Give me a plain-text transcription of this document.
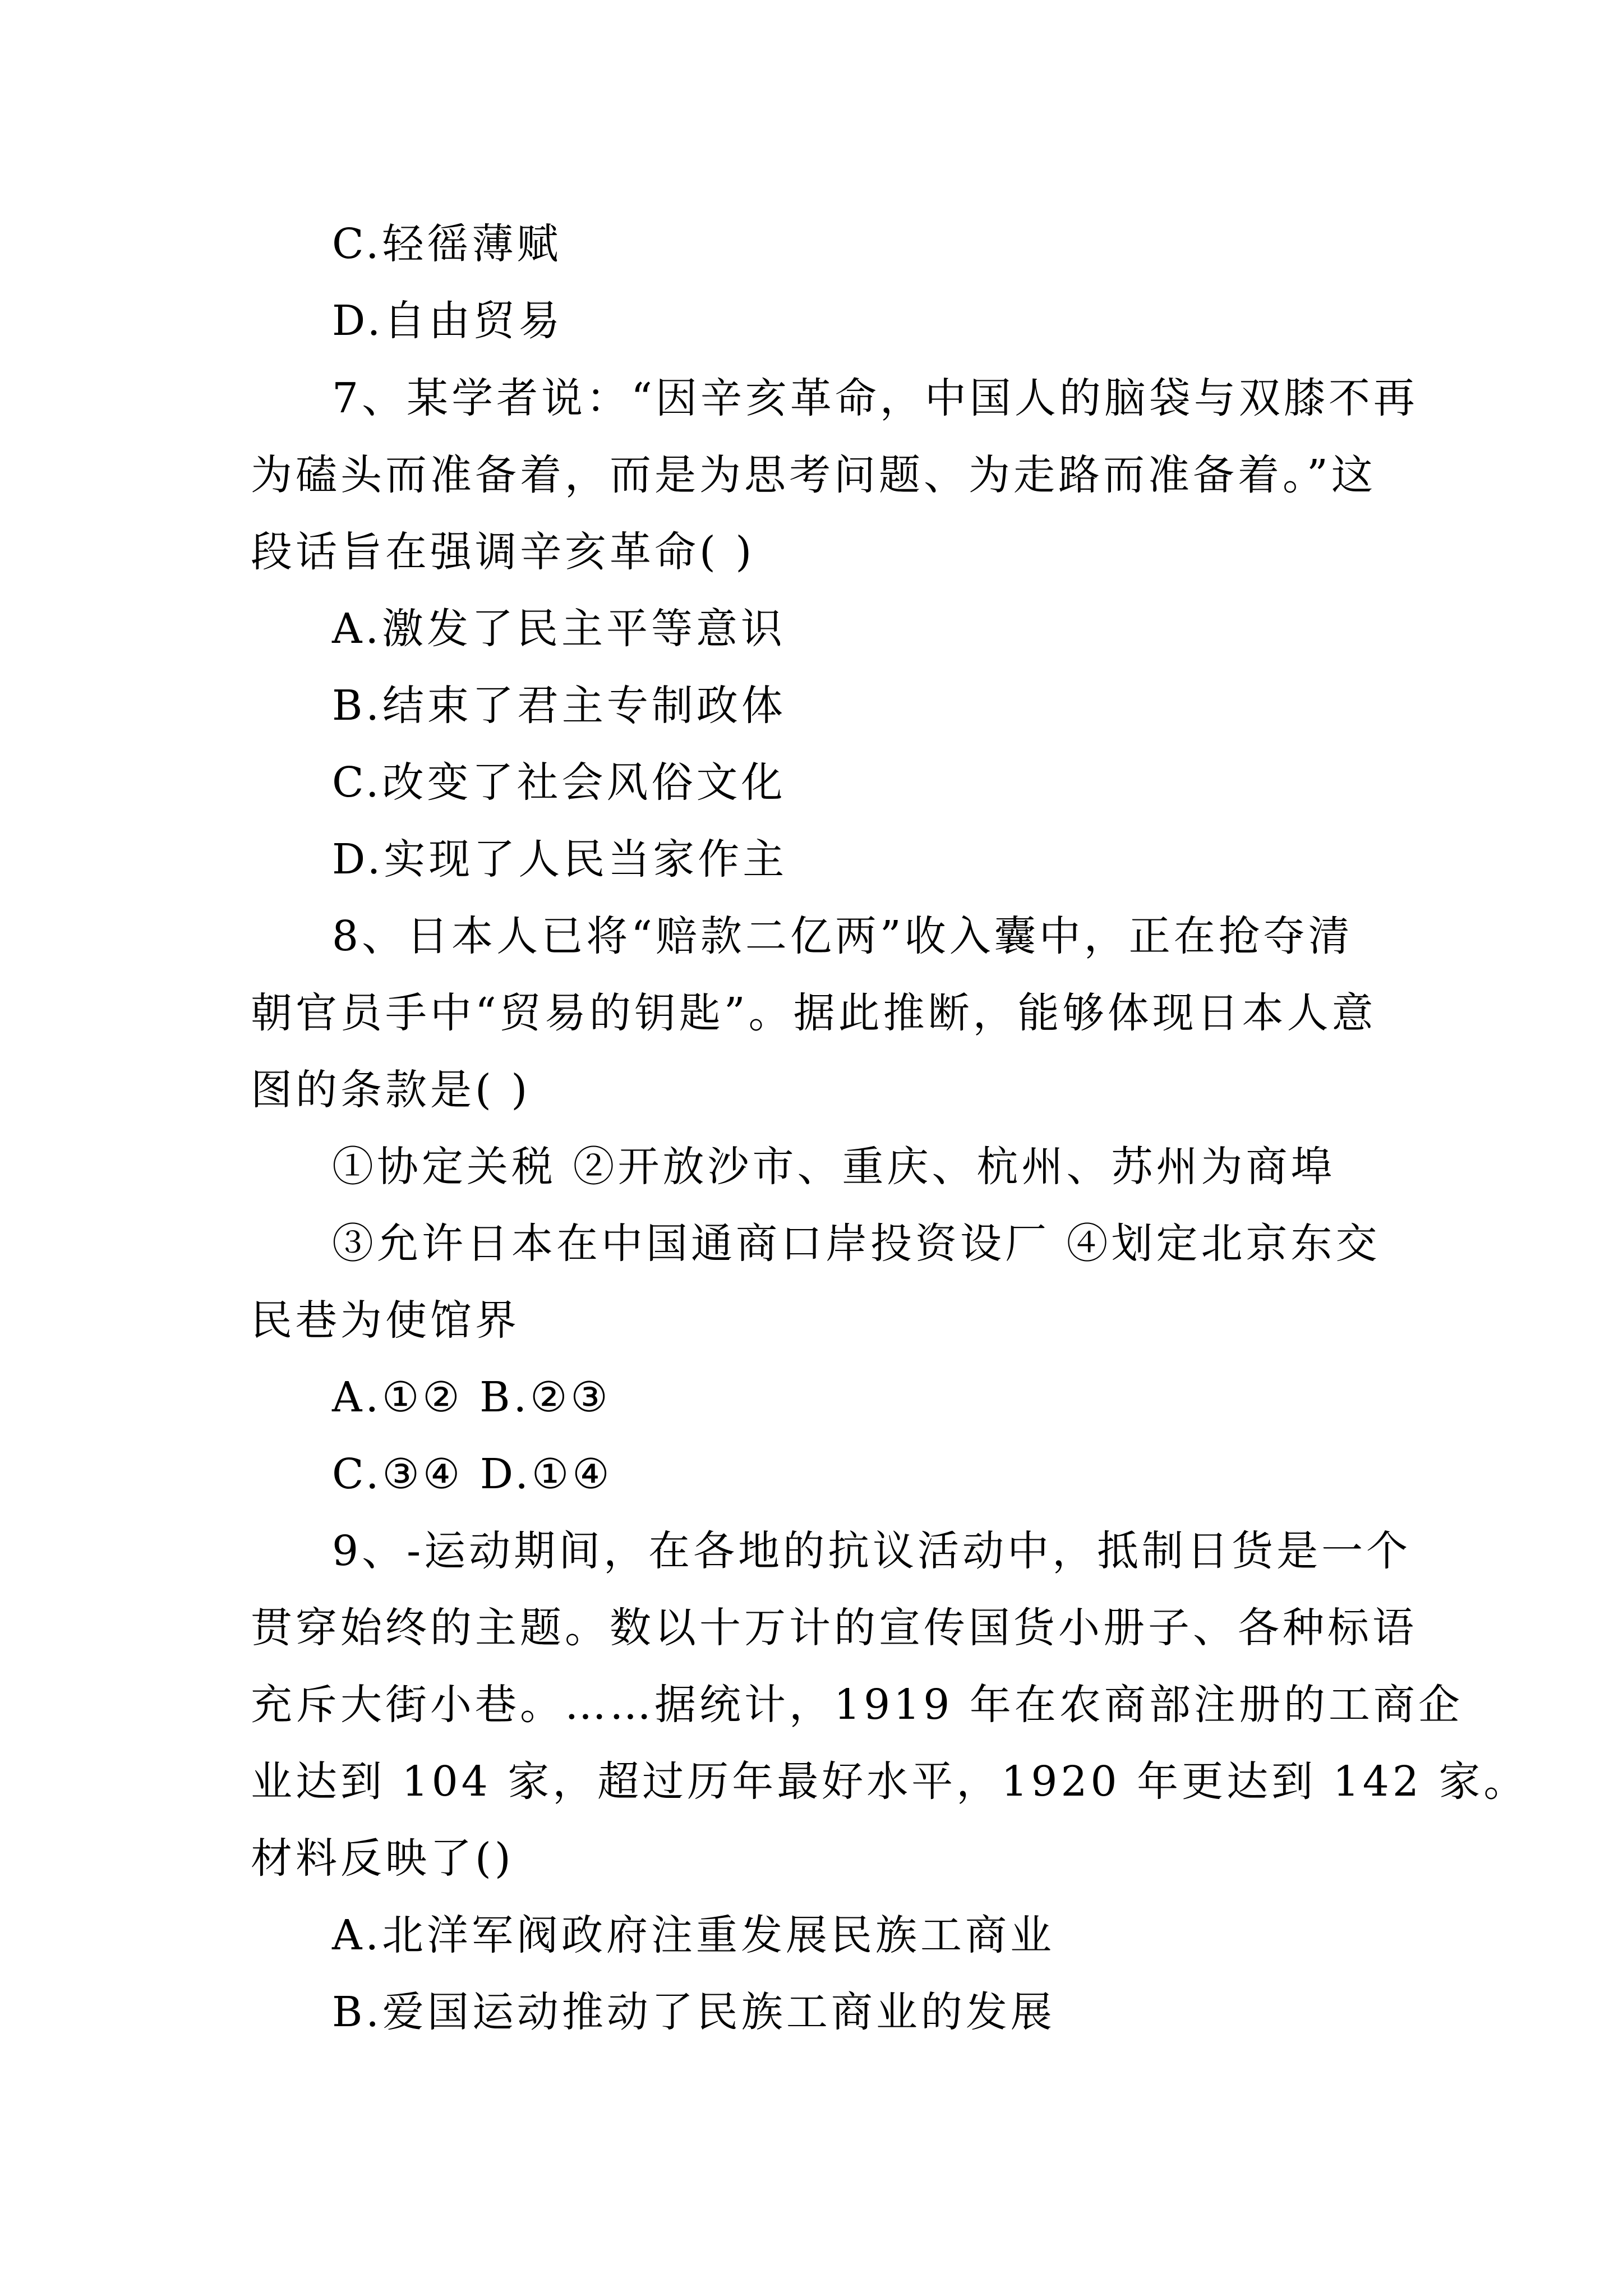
C.轻徭薄赋
D.自由贸易
7、某学者说：“因辛亥革命，中国人的脑袋与双膝不再
为磕头而准备着，而是为思考问题、为走路而准备着。”这
段话旨在强调辛亥革命( )
A.激发了民主平等意识
B.结束了君主专制政体
C.改变了社会风俗文化
D.实现了人民当家作主
8、日本人已将“赔款二亿两”收入囊中，正在抢夺清
朝官员手中“贸易的钥匙”。据此推断，能够体现日本人意
图的条款是( )
①协定关税 ②开放沙市、重庆、杭州、苏州为商埠
③允许日本在中国通商口岸投资设厂 ④划定北京东交
民巷为使馆界
A.①② B.②③
C.③④ D.①④
9、-运动期间，在各地的抗议活动中，抵制日货是一个
贯穿始终的主题。数以十万计的宣传国货小册子、各种标语
充斥大街小巷。……据统计，1919 年在农商部注册的工商企
业达到 104 家，超过历年最好水平，1920 年更达到 142 家。
材料反映了()
A.北洋军阀政府注重发展民族工商业
B.爱国运动推动了民族工商业的发展
